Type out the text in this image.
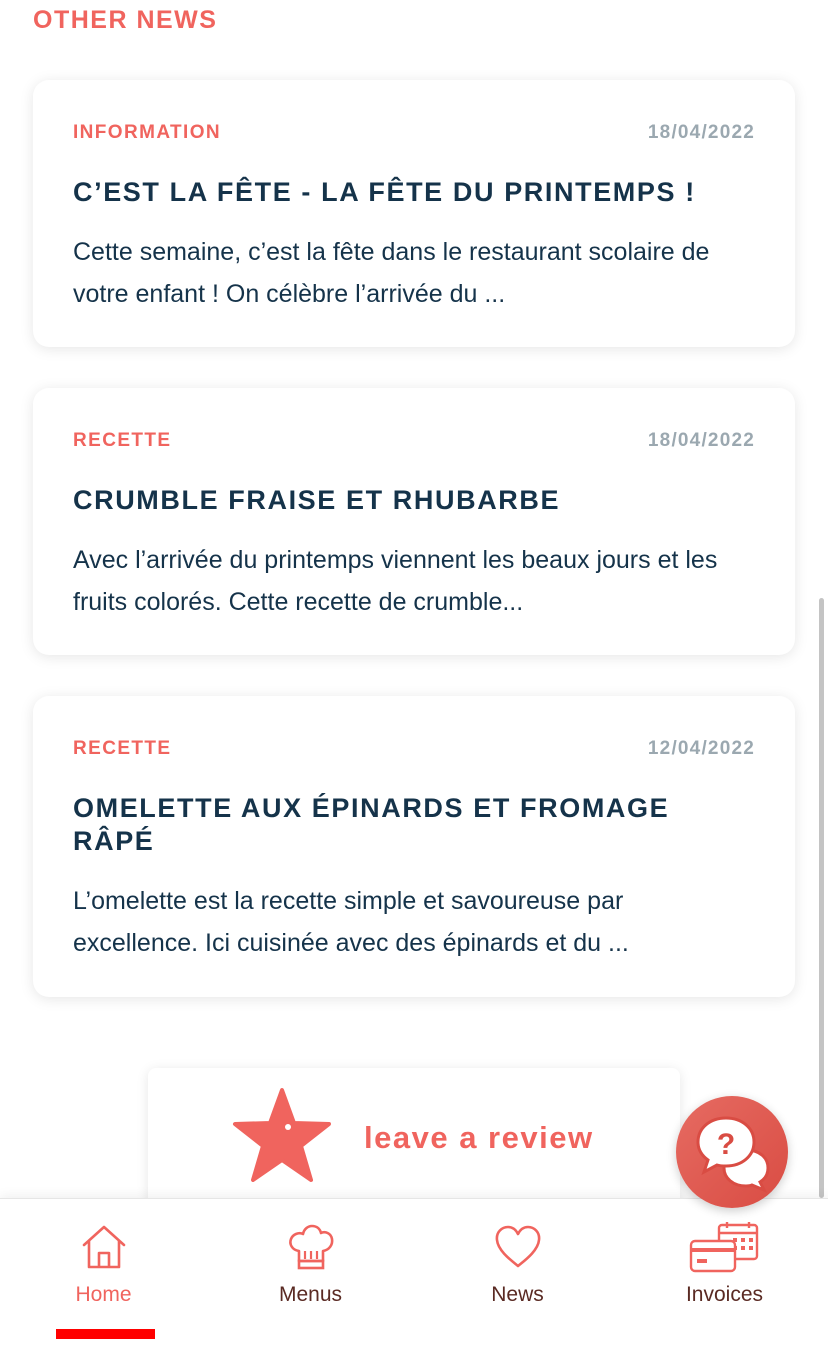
OTHER NEWS
INFORMATION	18/04/2022
C’EST LA FÊTE - LA FÊTE DU PRINTEMPS !
Cette semaine, c’est la fête dans le restaurant scolaire de votre enfant ! On célèbre l’arrivée du ...
RECETTE	18/04/2022
CRUMBLE FRAISE ET RHUBARBE
Avec l’arrivée du printemps viennent les beaux jours et les fruits colorés. Cette recette de crumble...
RECETTE	12/04/2022
OMELETTE AUX ÉPINARDS ET FROMAGE RÂPÉ
L’omelette est la recette simple et savoureuse par excellence. Ici cuisinée avec des épinards et du ...
leave a review	?
Home	Menus	News	Invoices
